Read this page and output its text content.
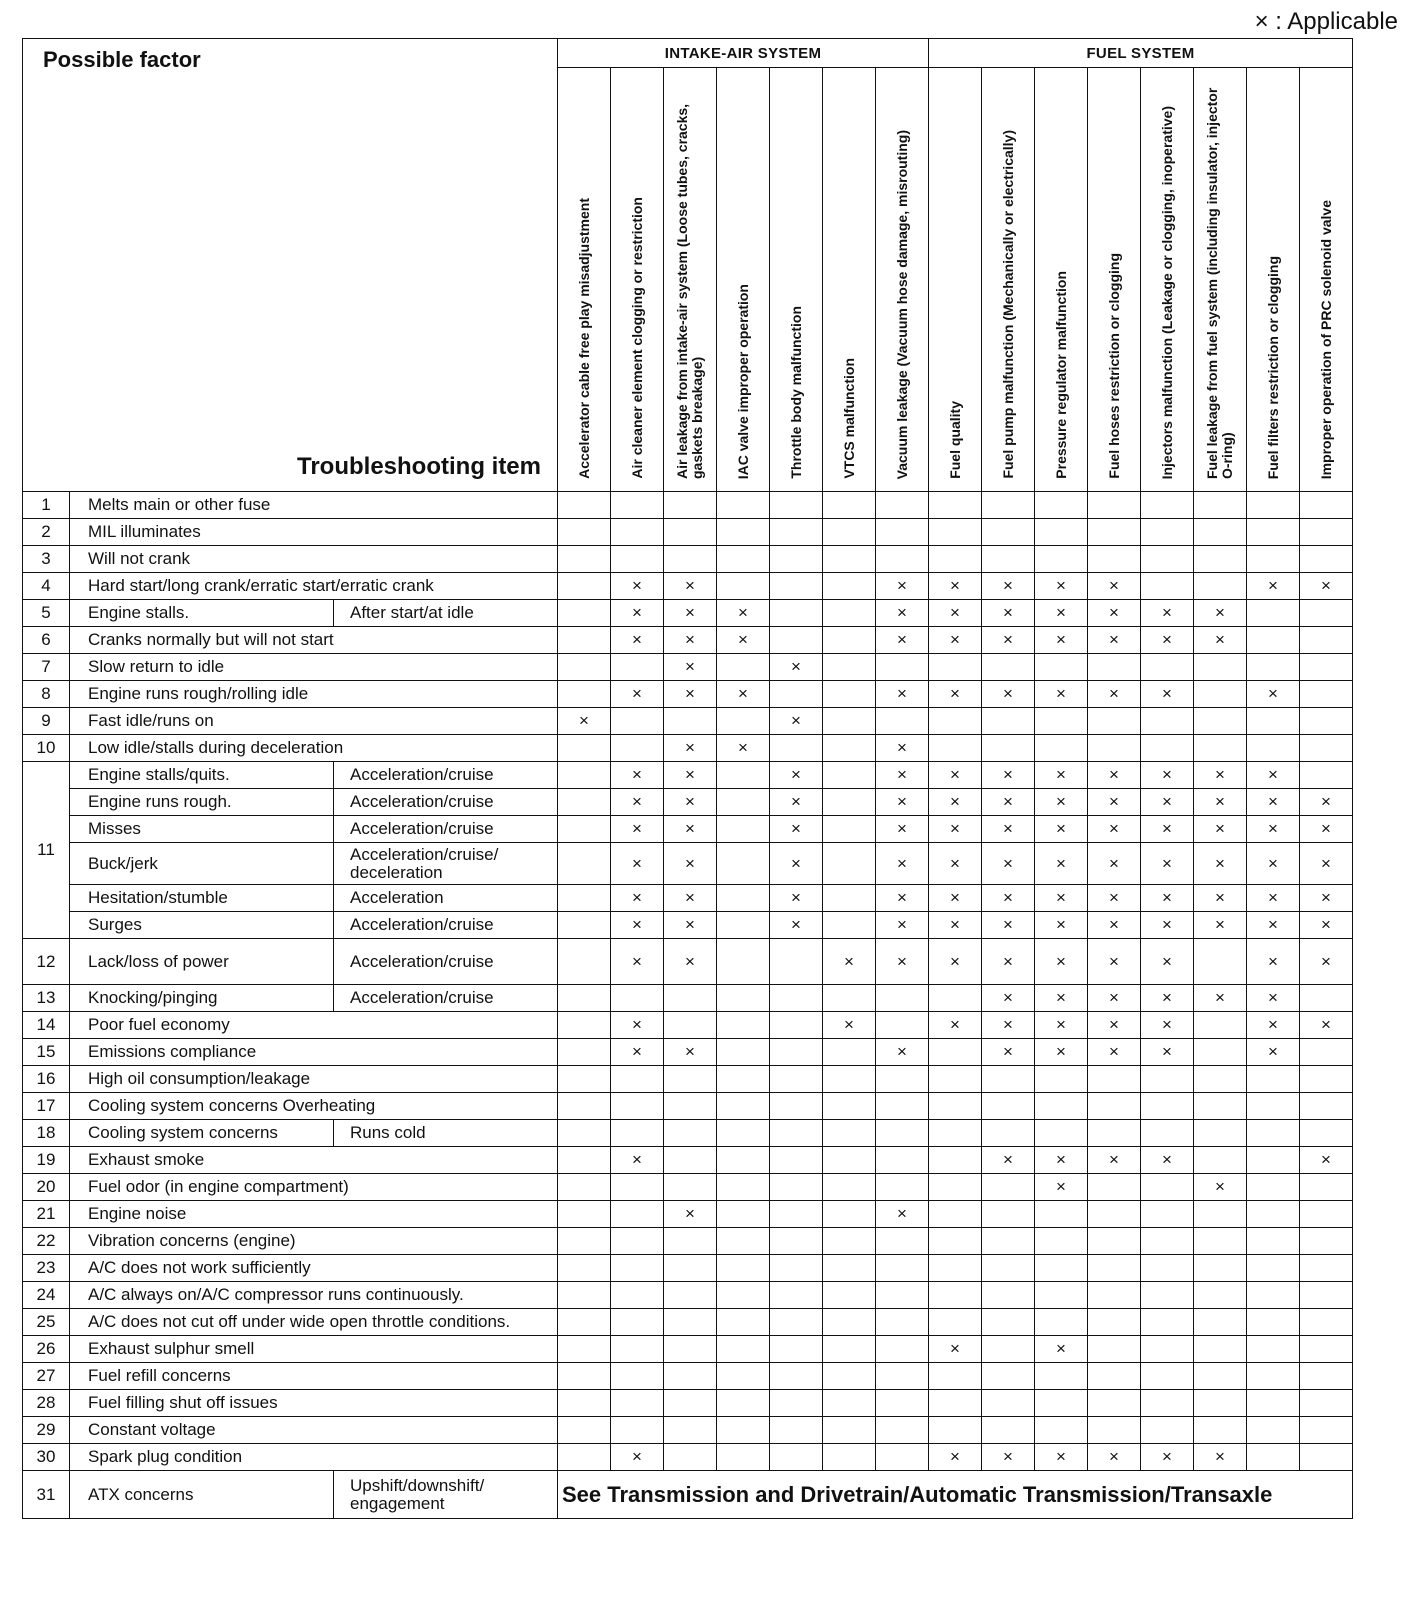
× : Applicable
Possible factor
Troubleshooting item			INTAKE-AIR SYSTEM							FUEL SYSTEM							

			Accelerator cable free play misadjustment	Air cleaner element clogging or restriction	Air leakage from intake-air system (Loose tubes, cracks, gaskets breakage)	IAC valve improper operation	Throttle body malfunction	VTCS malfunction	Vacuum leakage (Vacuum hose damage, misrouting)	Fuel quality	Fuel pump malfunction (Mechanically or electrically)	Pressure regulator malfunction	Fuel hoses restriction or clogging	Injectors malfunction (Leakage or clogging, inoperative)	Fuel leakage from fuel system (including insulator, injector O-ring)	Fuel filters restriction or clogging	Improper operation of PRC solenoid valve

1	Melts main or other fuse																
2	MIL illuminates																
3	Will not crank																
4	Hard start/long crank/erratic start/erratic crank			×	×				×	×	×	×	×			×	×
5	Engine stalls.	After start/at idle		×	×	×			×	×	×	×	×	×	×		
6	Cranks normally but will not start			×	×	×			×	×	×	×	×	×	×		
7	Slow return to idle				×		×										
8	Engine runs rough/rolling idle			×	×	×			×	×	×	×	×	×		×	
9	Fast idle/runs on		×				×										
10	Low idle/stalls during deceleration				×	×			×								
11	Engine stalls/quits.	Acceleration/cruise		×	×		×		×	×	×	×	×	×	×	×	
	Engine runs rough.	Acceleration/cruise		×	×		×		×	×	×	×	×	×	×	×	×
	Misses	Acceleration/cruise		×	×		×		×	×	×	×	×	×	×	×	×
	Buck/jerk	Acceleration/cruise/ deceleration		×	×		×		×	×	×	×	×	×	×	×	×
	Hesitation/stumble	Acceleration		×	×		×		×	×	×	×	×	×	×	×	×
	Surges	Acceleration/cruise		×	×		×		×	×	×	×	×	×	×	×	×
12	Lack/loss of power	Acceleration/cruise		×	×			×	×	×	×	×	×	×		×	×
13	Knocking/pinging	Acceleration/cruise									×	×	×	×	×	×	
14	Poor fuel economy			×				×		×	×	×	×	×		×	×
15	Emissions compliance			×	×				×		×	×	×	×		×	
16	High oil consumption/leakage																
17	Cooling system concerns Overheating																
18	Cooling system concerns	Runs cold															
19	Exhaust smoke			×							×	×	×	×			×
20	Fuel odor (in engine compartment)											×			×		
21	Engine noise				×				×								
22	Vibration concerns (engine)																
23	A/C does not work sufficiently																
24	A/C always on/A/C compressor runs continuously.																
25	A/C does not cut off under wide open throttle conditions.																
26	Exhaust sulphur smell									×		×					
27	Fuel refill concerns																
28	Fuel filling shut off issues																
29	Constant voltage																
30	Spark plug condition			×						×	×	×	×	×	×		
31	ATX concerns	Upshift/downshift/ engagement	See Transmission and Drivetrain/Automatic Transmission/Transaxle														
